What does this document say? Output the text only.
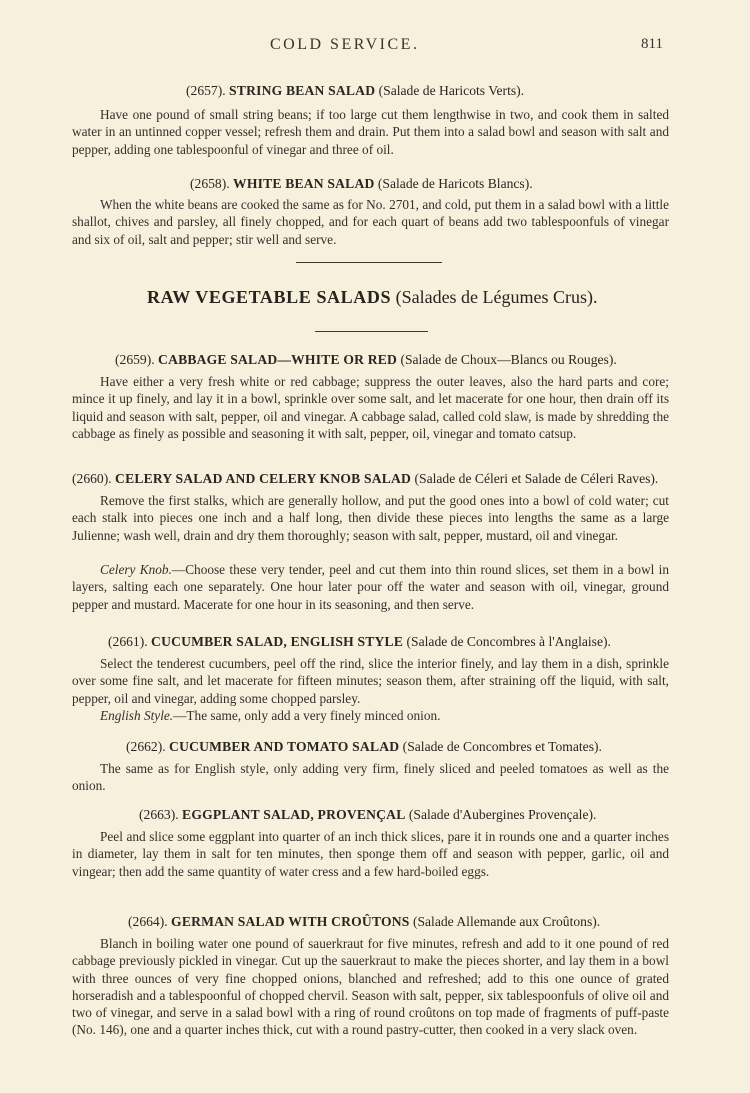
COLD SERVICE.	811
(2657). STRING BEAN SALAD (Salade de Haricots Verts).

Have one pound of small string beans; if too large cut them lengthwise in two, and cook them in salted water in an untinned copper vessel; refresh them and drain. Put them into a salad bowl and season with salt and pepper, adding one tablespoonful of vinegar and three of oil.

(2658). WHITE BEAN SALAD (Salade de Haricots Blancs).

When the white beans are cooked the same as for No. 2701, and cold, put them in a salad bowl with a little shallot, chives and parsley, all finely chopped, and for each quart of beans add two tablespoonfuls of vinegar and six of oil, salt and pepper; stir well and serve.

RAW VEGETABLE SALADS (Salades de Légumes Crus).
(2659). CABBAGE SALAD—WHITE OR RED (Salade de Choux—Blancs ou Rouges).

Have either a very fresh white or red cabbage; suppress the outer leaves, also the hard parts and core; mince it up finely, and lay it in a bowl, sprinkle over some salt, and let macerate for one hour, then drain off its liquid and season with salt, pepper, oil and vinegar. A cabbage salad, called cold slaw, is made by shredding the cabbage as finely as possible and seasoning it with salt, pepper, oil, vinegar and tomato catsup.

(2660). CELERY SALAD AND CELERY KNOB SALAD (Salade de Céleri et Salade de Céleri Raves).

Remove the first stalks, which are generally hollow, and put the good ones into a bowl of cold water; cut each stalk into pieces one inch and a half long, then divide these pieces into lengths the same as a large Julienne; wash well, drain and dry them thoroughly; season with salt, pepper, mustard, oil and vinegar.

Celery Knob.—Choose these very tender, peel and cut them into thin round slices, set them in a bowl in layers, salting each one separately. One hour later pour off the water and season with oil, vinegar, ground pepper and mustard. Macerate for one hour in its seasoning, and then serve.

(2661). CUCUMBER SALAD, ENGLISH STYLE (Salade de Concombres à l'Anglaise).

Select the tenderest cucumbers, peel off the rind, slice the interior finely, and lay them in a dish, sprinkle over some fine salt, and let macerate for fifteen minutes; season them, after straining off the liquid, with salt, pepper, oil and vinegar, adding some chopped parsley.

English Style.—The same, only add a very finely minced onion.

(2662). CUCUMBER AND TOMATO SALAD (Salade de Concombres et Tomates).

The same as for English style, only adding very firm, finely sliced and peeled tomatoes as well as the onion.

(2663). EGGPLANT SALAD, PROVENÇAL (Salade d'Aubergines Provençale).

Peel and slice some eggplant into quarter of an inch thick slices, pare it in rounds one and a quarter inches in diameter, lay them in salt for ten minutes, then sponge them off and season with pepper, garlic, oil and vingear; then add the same quantity of water cress and a few hard-boiled eggs.

(2664). GERMAN SALAD WITH CROÛTONS (Salade Allemande aux Croûtons).

Blanch in boiling water one pound of sauerkraut for five minutes, refresh and add to it one pound of red cabbage previously pickled in vinegar. Cut up the sauerkraut to make the pieces shorter, and lay them in a bowl with three ounces of very fine chopped onions, blanched and refreshed; add to this one ounce of grated horseradish and a tablespoonful of chopped chervil. Season with salt, pepper, six tablespoonfuls of olive oil and two of vinegar, and serve in a salad bowl with a ring of round croûtons on top made of fragments of puff-paste (No. 146), one and a quarter inches thick, cut with a round pastry-cutter, then cooked in a very slack oven.
